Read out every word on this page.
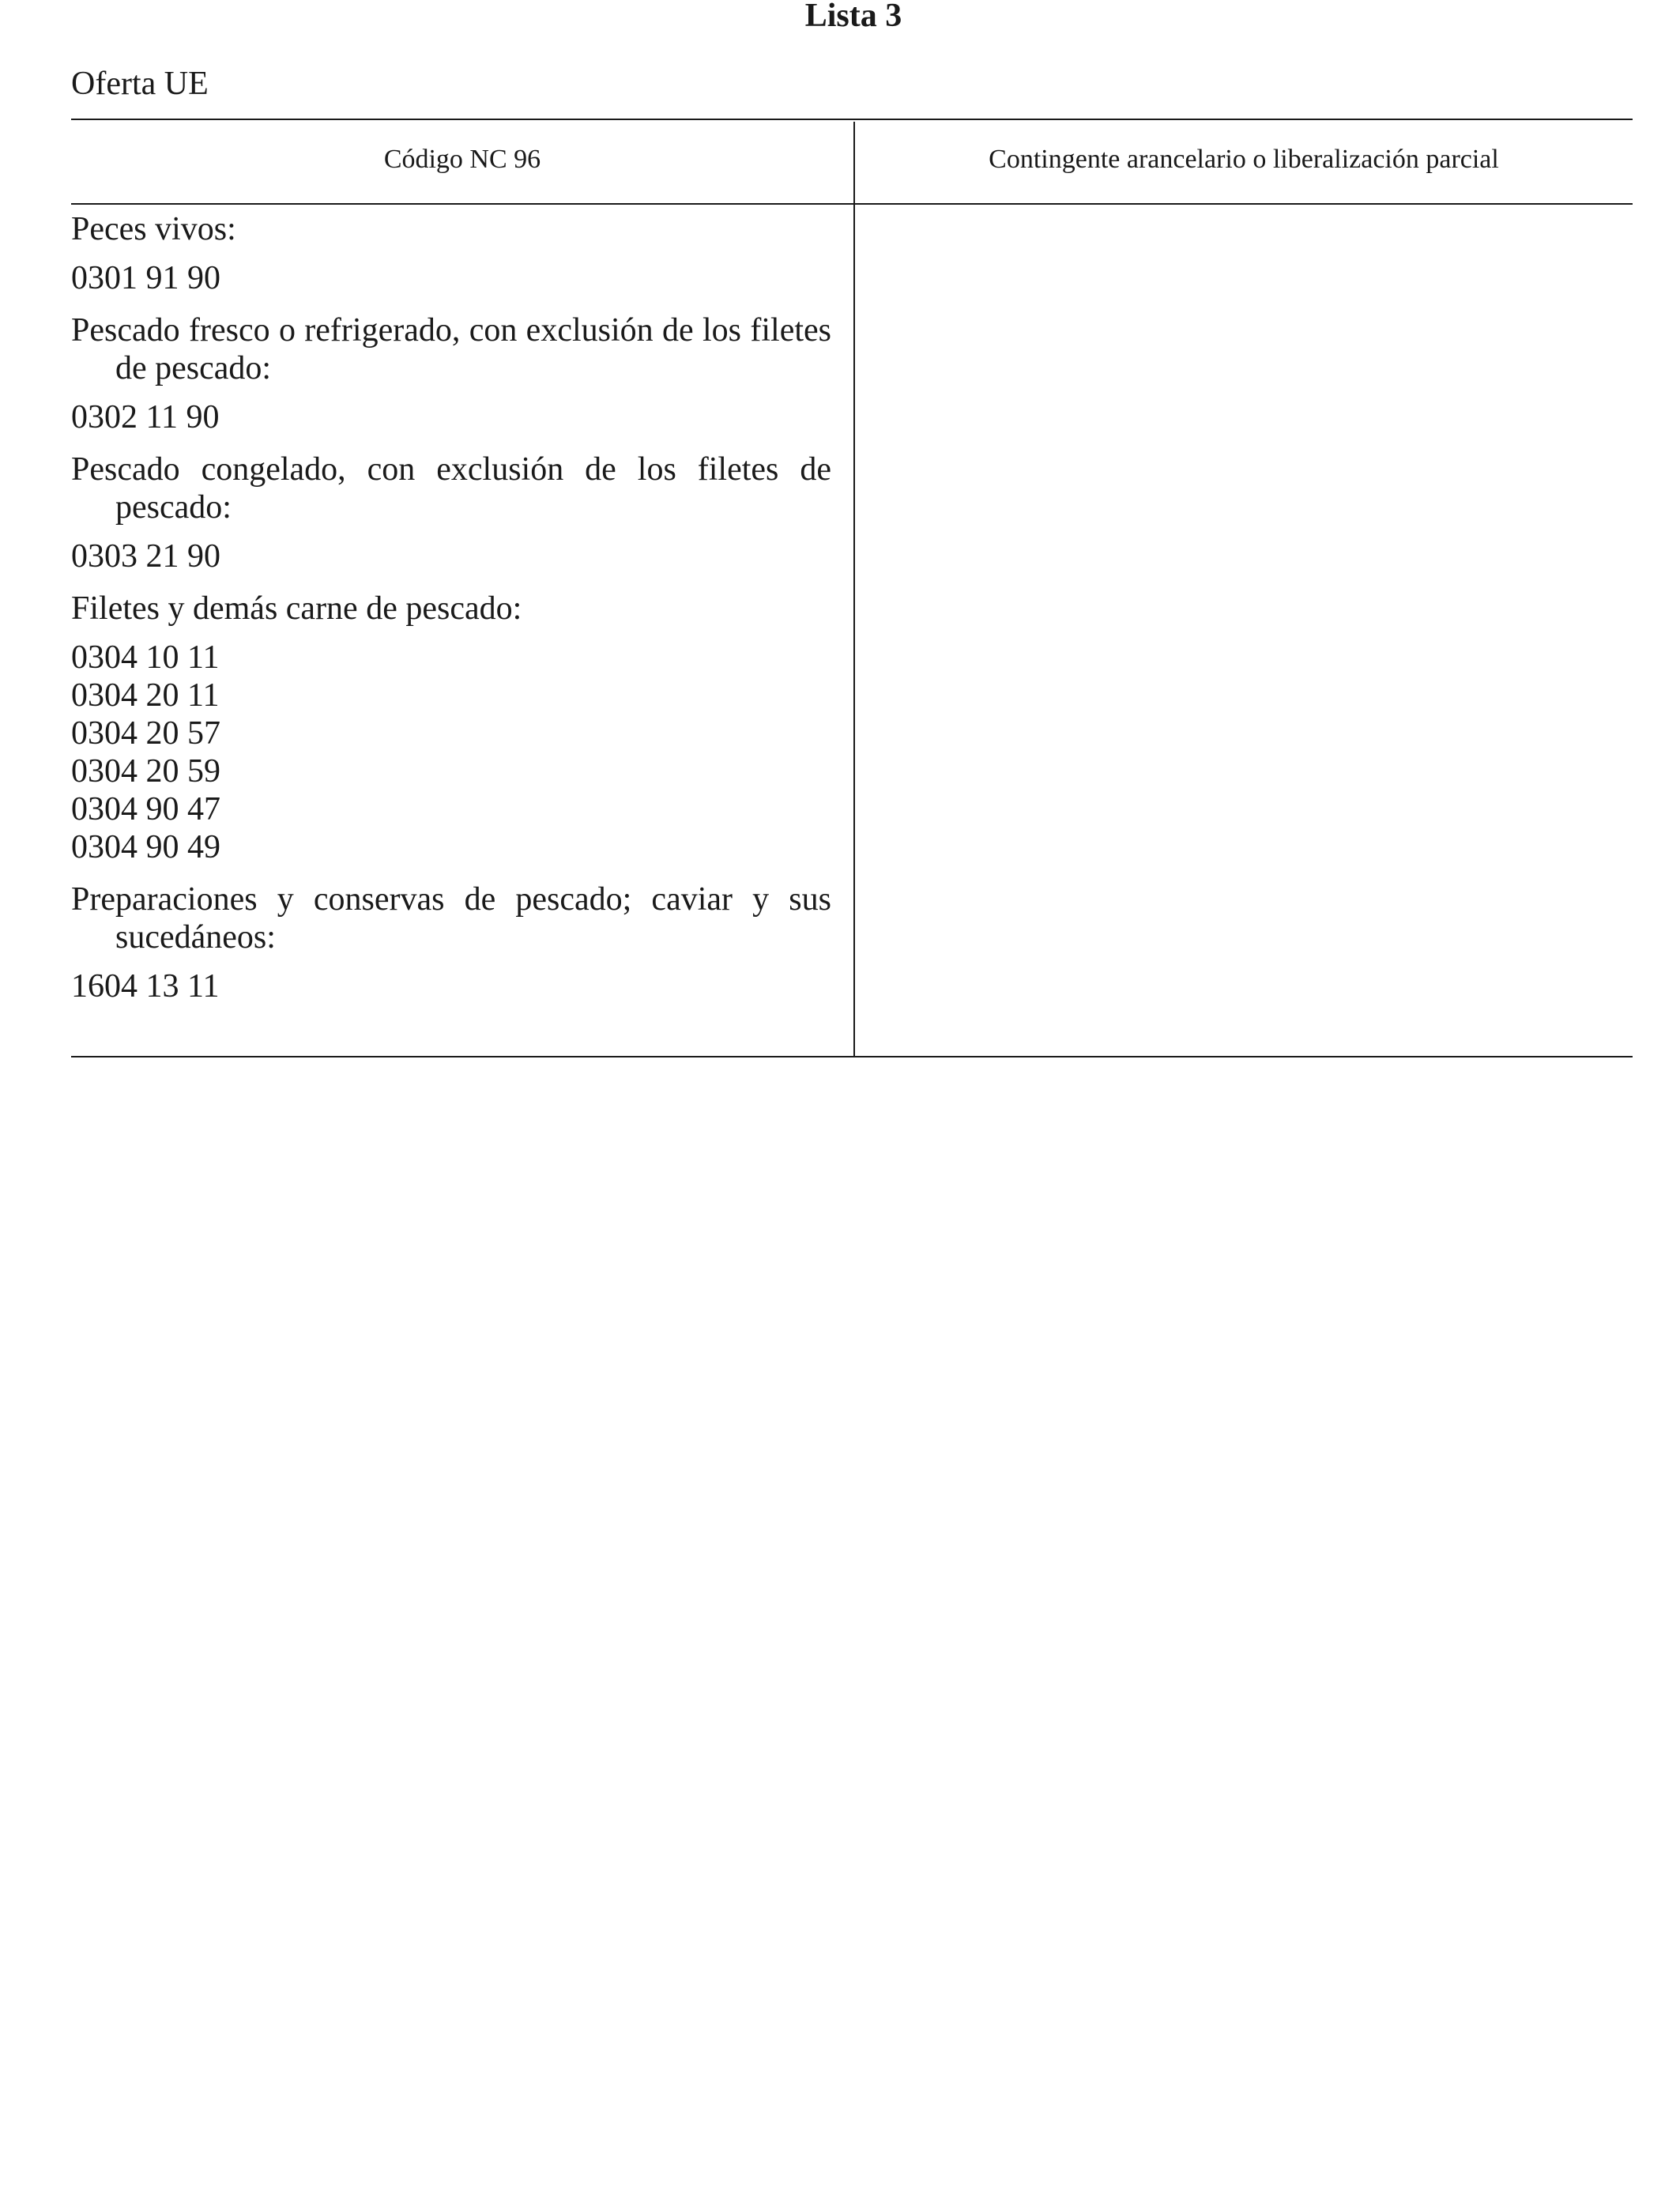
Lista 3
Oferta UE
Código NC 96	Contingente arancelario o liberalización parcial
Peces vivos:
0301 91 90
Pescado fresco o refrigerado, con exclusión de los filetes de pescado:
0302 11 90
Pescado congelado, con exclusión de los filetes de pescado:
0303 21 90
Filetes y demás carne de pescado:
0304 10 11
0304 20 11
0304 20 57
0304 20 59
0304 90 47
0304 90 49
Preparaciones y conservas de pescado; caviar y sus sucedáneos:
1604 13 11
